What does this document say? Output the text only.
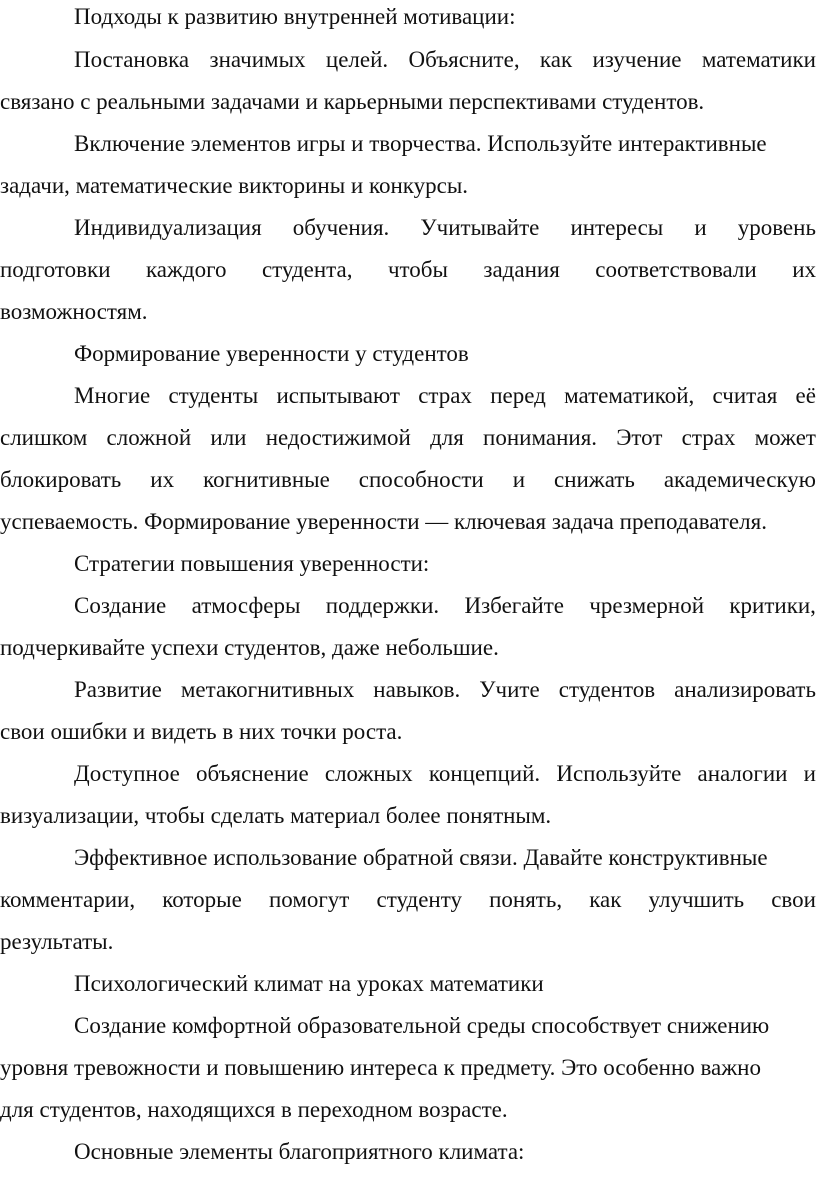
Подходы к развитию внутренней мотивации:
Постановка значимых целей. Объясните, как изучение математики
связано с реальными задачами и карьерными перспективами студентов.
Включение элементов игры и творчества. Используйте интерактивные
задачи, математические викторины и конкурсы.
Индивидуализация обучения. Учитывайте интересы и уровень
подготовки каждого студента, чтобы задания соответствовали их
возможностям.
Формирование уверенности у студентов
Многие студенты испытывают страх перед математикой, считая её
слишком сложной или недостижимой для понимания. Этот страх может
блокировать их когнитивные способности и снижать академическую
успеваемость. Формирование уверенности — ключевая задача преподавателя.
Стратегии повышения уверенности:
Создание атмосферы поддержки. Избегайте чрезмерной критики,
подчеркивайте успехи студентов, даже небольшие.
Развитие метакогнитивных навыков. Учите студентов анализировать
свои ошибки и видеть в них точки роста.
Доступное объяснение сложных концепций. Используйте аналогии и
визуализации, чтобы сделать материал более понятным.
Эффективное использование обратной связи. Давайте конструктивные
комментарии, которые помогут студенту понять, как улучшить свои
результаты.
Психологический климат на уроках математики
Создание комфортной образовательной среды способствует снижению
уровня тревожности и повышению интереса к предмету. Это особенно важно
для студентов, находящихся в переходном возрасте.
Основные элементы благоприятного климата:
